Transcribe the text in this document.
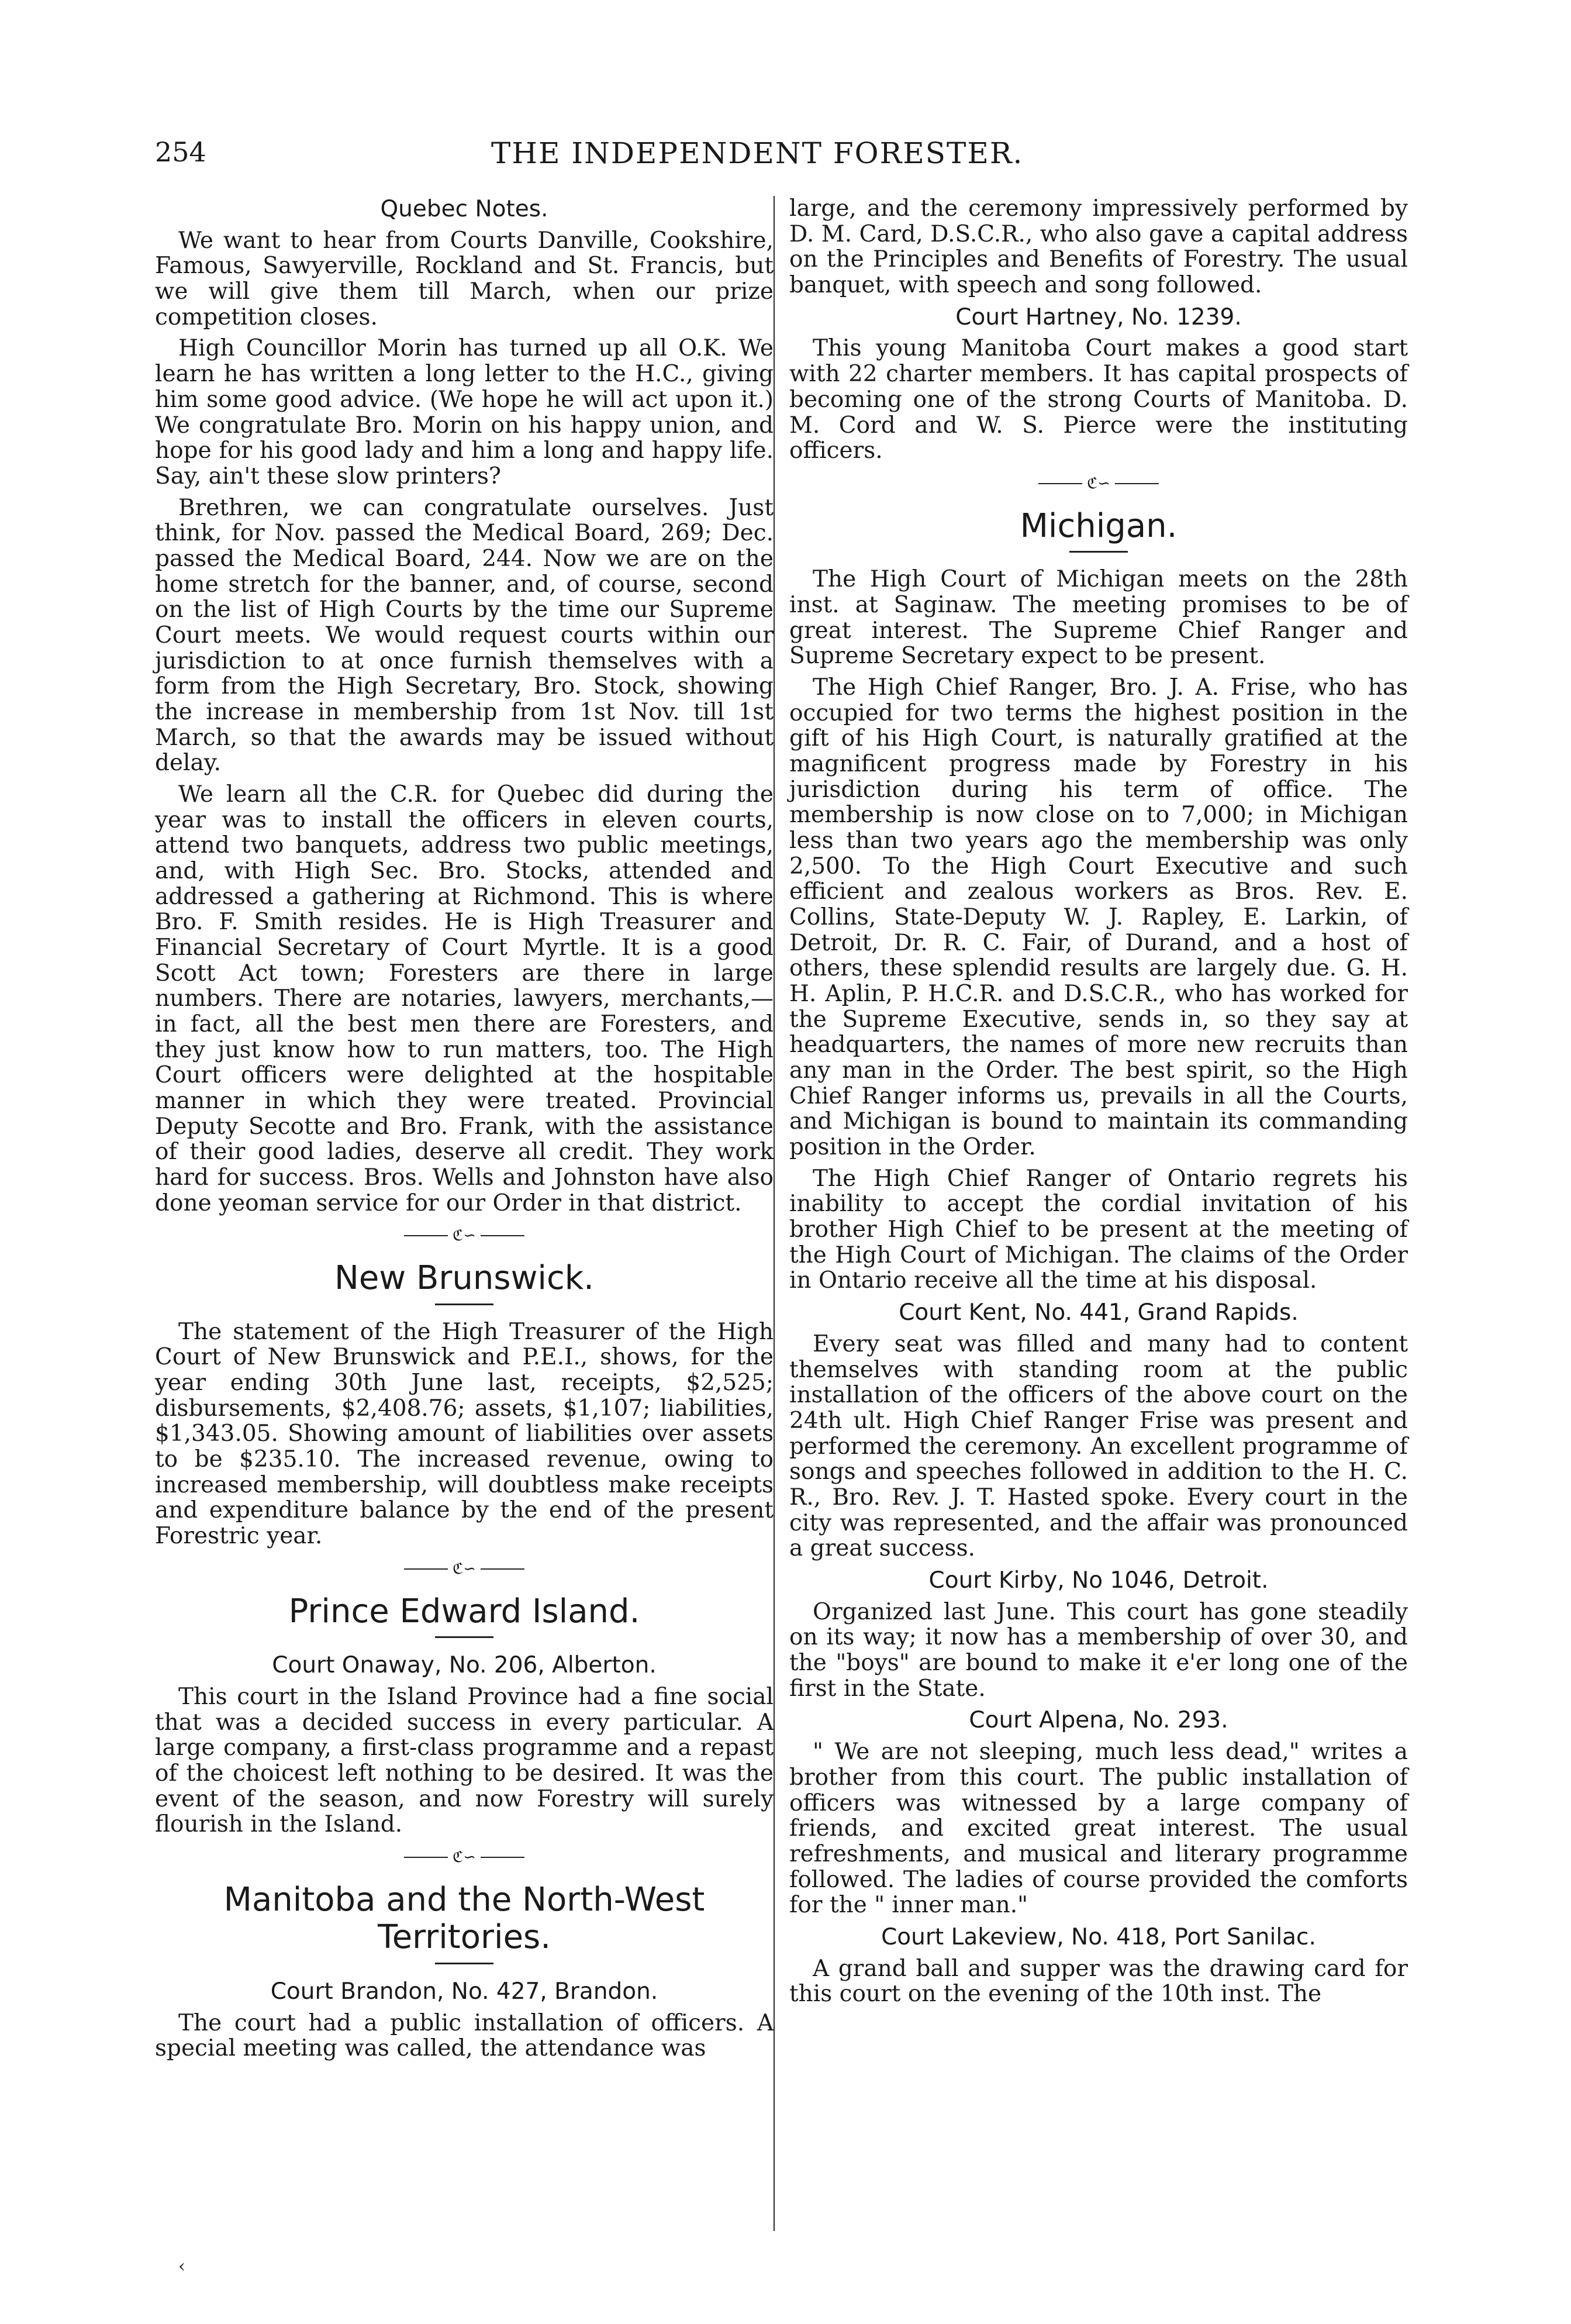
254	THE INDEPENDENT FORESTER.
Quebec Notes.

We want to hear from Courts Danville, Cookshire, Famous, Sawyerville, Rockland and St. Francis, but we will give them till March, when our prize competition closes.

High Councillor Morin has turned up all O.K. We learn he has written a long letter to the H.C., giving him some good advice. (We hope he will act upon it.) We congratulate Bro. Morin on his happy union, and hope for his good lady and him a long and happy life. Say, ain't these slow printers?

Brethren, we can congratulate ourselves. Just think, for Nov. passed the Medical Board, 269; Dec. passed the Medical Board, 244. Now we are on the home stretch for the banner, and, of course, second on the list of High Courts by the time our Supreme Court meets. We would request courts within our jurisdiction to at once furnish themselves with a form from the High Secretary, Bro. Stock, showing the increase in membership from 1st Nov. till 1st March, so that the awards may be issued without delay.

We learn all the C.R. for Quebec did during the year was to install the officers in eleven courts, attend two banquets, address two public meetings, and, with High Sec. Bro. Stocks, attended and addressed a gathering at Richmond. This is where Bro. F. Smith resides. He is High Treasurer and Financial Secretary of Court Myrtle. It is a good Scott Act town; Foresters are there in large numbers. There are notaries, lawyers, merchants,—in fact, all the best men there are Foresters, and they just know how to run matters, too. The High Court officers were delighted at the hospitable manner in which they were treated. Provincial Deputy Secotte and Bro. Frank, with the assistance of their good ladies, deserve all credit. They work hard for success. Bros. Wells and Johnston have also done yeoman service for our Order in that district.

ℭ∽
New Brunswick.

The statement of the High Treasurer of the High Court of New Brunswick and P.E.I., shows, for the year ending 30th June last, receipts, $2,525; disbursements, $2,408.76; assets, $1,107; liabilities, $1,343.05. Showing amount of liabilities over assets to be $235.10. The increased revenue, owing to increased membership, will doubtless make receipts and expenditure balance by the end of the present Forestric year.

ℭ∽
Prince Edward Island.
Court Onaway, No. 206, Alberton.

This court in the Island Province had a fine social that was a decided success in every particular. A large company, a first-class programme and a repast of the choicest left nothing to be desired. It was the event of the season, and now Forestry will surely flourish in the Island.

ℭ∽
Manitoba and the North-West
Territories.
Court Brandon, No. 427, Brandon.

The court had a public installation of officers. A special meeting was called, the attendance was

large, and the ceremony impressively performed by D. M. Card, D.S.C.R., who also gave a capital address on the Principles and Benefits of Forestry. The usual banquet, with speech and song followed.

Court Hartney, No. 1239.

This young Manitoba Court makes a good start with 22 charter members. It has capital prospects of becoming one of the strong Courts of Manitoba. D. M. Cord and W. S. Pierce were the instituting officers.

ℭ∽
Michigan.

The High Court of Michigan meets on the 28th inst. at Saginaw. The meeting promises to be of great interest. The Supreme Chief Ranger and Supreme Secretary expect to be present.

The High Chief Ranger, Bro. J. A. Frise, who has occupied for two terms the highest position in the gift of his High Court, is naturally gratified at the magnificent progress made by Forestry in his jurisdiction during his term of office. The membership is now close on to 7,000; in Michigan less than two years ago the membership was only 2,500. To the High Court Executive and such efficient and zealous workers as Bros. Rev. E. Collins, State-Deputy W. J. Rapley, E. Larkin, of Detroit, Dr. R. C. Fair, of Durand, and a host of others, these splendid results are largely due. G. H. H. Aplin, P. H.C.R. and D.S.C.R., who has worked for the Supreme Executive, sends in, so they say at headquarters, the names of more new recruits than any man in the Order. The best spirit, so the High Chief Ranger informs us, prevails in all the Courts, and Michigan is bound to maintain its commanding position in the Order.

The High Chief Ranger of Ontario regrets his inability to accept the cordial invitation of his brother High Chief to be present at the meeting of the High Court of Michigan. The claims of the Order in Ontario receive all the time at his disposal.

Court Kent, No. 441, Grand Rapids.

Every seat was filled and many had to content themselves with standing room at the public installation of the officers of the above court on the 24th ult. High Chief Ranger Frise was present and performed the ceremony. An excellent programme of songs and speeches followed in addition to the H. C. R., Bro. Rev. J. T. Hasted spoke. Every court in the city was represented, and the affair was pronounced a great success.

Court Kirby, No 1046, Detroit.

Organized last June. This court has gone steadily on its way; it now has a membership of over 30, and the "boys" are bound to make it e'er long one of the first in the State.

Court Alpena, No. 293.

" We are not sleeping, much less dead," writes a brother from this court. The public installation of officers was witnessed by a large company of friends, and excited great interest. The usual refreshments, and musical and literary programme followed. The ladies of course provided the comforts for the " inner man."

Court Lakeview, No. 418, Port Sanilac.

A grand ball and supper was the drawing card for this court on the evening of the 10th inst. The

‹
